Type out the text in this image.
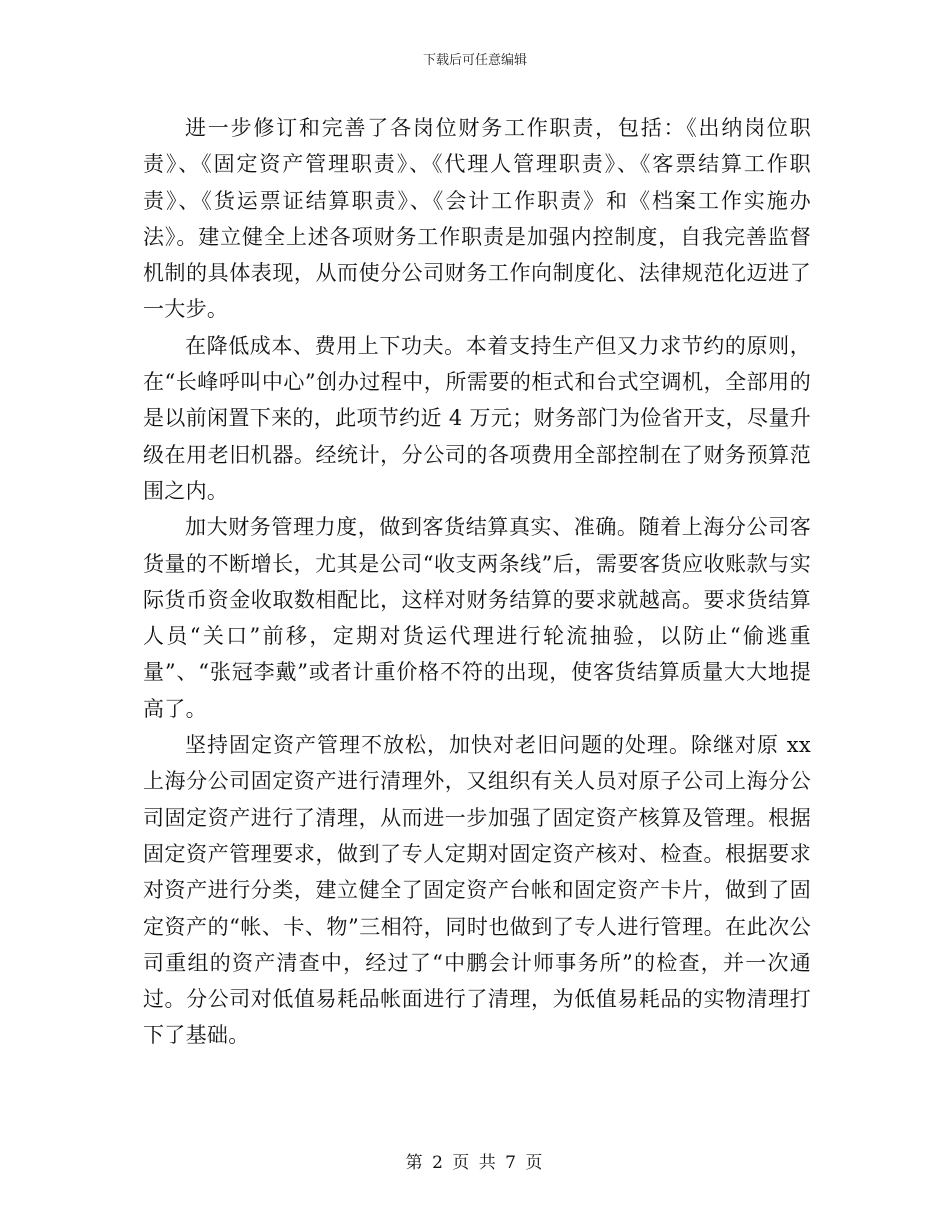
下载后可任意编辑

进一步修订和完善了各岗位财务工作职责，包括：《出纳岗位职责》、《固定资产管理职责》、《代理人管理职责》、《客票结算工作职责》、《货运票证结算职责》、《会计工作职责》和《档案工作实施办法》。建立健全上述各项财务工作职责是加强内控制度，自我完善监督机制的具体表现，从而使分公司财务工作向制度化、法律规范化迈进了一大步。

在降低成本、费用上下功夫。本着支持生产但又力求节约的原则，在“长峰呼叫中心”创办过程中，所需要的柜式和台式空调机，全部用的是以前闲置下来的，此项节约近 4 万元；财务部门为俭省开支，尽量升级在用老旧机器。经统计，分公司的各项费用全部控制在了财务预算范围之内。

加大财务管理力度，做到客货结算真实、准确。随着上海分公司客货量的不断增长，尤其是公司“收支两条线”后，需要客货应收账款与实际货币资金收取数相配比，这样对财务结算的要求就越高。要求货结算人员“关口”前移，定期对货运代理进行轮流抽验，以防止“偷逃重量”、“张冠李戴”或者计重价格不符的出现，使客货结算质量大大地提高了。

坚持固定资产管理不放松，加快对老旧问题的处理。除继对原 xx 上海分公司固定资产进行清理外，又组织有关人员对原子公司上海分公司固定资产进行了清理，从而进一步加强了固定资产核算及管理。根据固定资产管理要求，做到了专人定期对固定资产核对、检查。根据要求对资产进行分类，建立健全了固定资产台帐和固定资产卡片，做到了固定资产的“帐、卡、物”三相符，同时也做到了专人进行管理。在此次公司重组的资产清查中，经过了“中鹏会计师事务所”的检查，并一次通过。分公司对低值易耗品帐面进行了清理，为低值易耗品的实物清理打下了基础。

第 2 页 共 7 页
